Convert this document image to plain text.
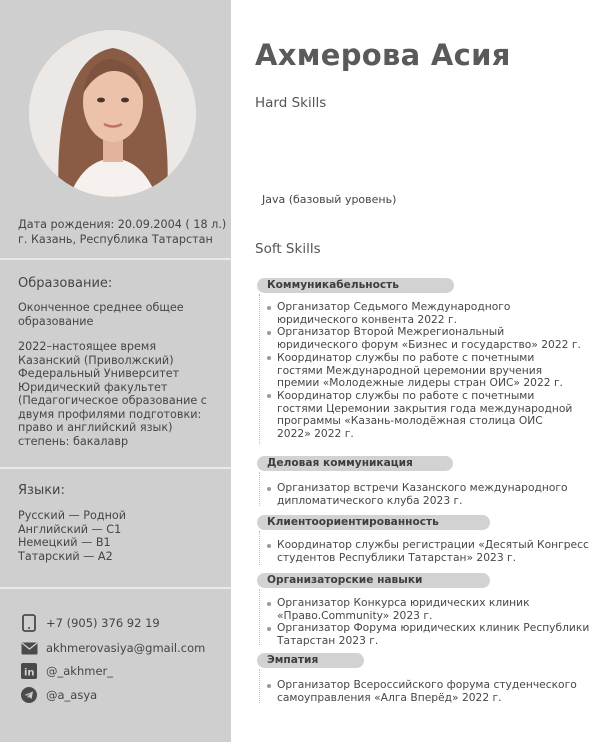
Дата рождения: 20.09.2004 ( 18 л.)
г. Казань, Республика Татарстан
Образование:
Оконченное среднее общее
образование
2022–настоящее время
Казанский (Приволжский)
Федеральный Университет
Юридический факультет
(Педагогическое образование с
двумя профилями подготовки:
право и английский язык)
степень: бакалавр
Языки:
Русский — Родной
Английский — C1
Немецкий — B1
Татарский — A2
+7 (905) 376 92 19
akhmerovasiya@gmail.com
in @_akhmer_
@a_asya
Ахмерова Асия
Hard Skills
Java (базовый уровень)
Soft Skills
Коммуникабельность
Организатор Седьмого Международного
юридического конвента 2022 г.
Организатор Второй Межрегиональный
юридического форум «Бизнес и государство» 2022 г.
Координатор службы по работе с почетными
гостями Международной церемонии вручения
премии «Молодежные лидеры стран ОИС» 2022 г.
Координатор службы по работе с почетными
гостями Церемонии закрытия года международной
программы «Казань-молодёжная столица ОИС
2022» 2022 г.
Деловая коммуникация
Организатор встречи Казанского международного
дипломатического клуба 2023 г.
Клиентоориентированность
Координатор службы регистрации «Десятый Конгресс
студентов Республики Татарстан» 2023 г.
Организаторские навыки
Организатор Конкурса юридических клиник
«Право.Community» 2023 г.
Организатор Форума юридических клиник Республики
Татарстан 2023 г.
Эмпатия
Организатор Всероссийского форума студенческого
самоуправления «Алга Вперёд» 2022 г.
